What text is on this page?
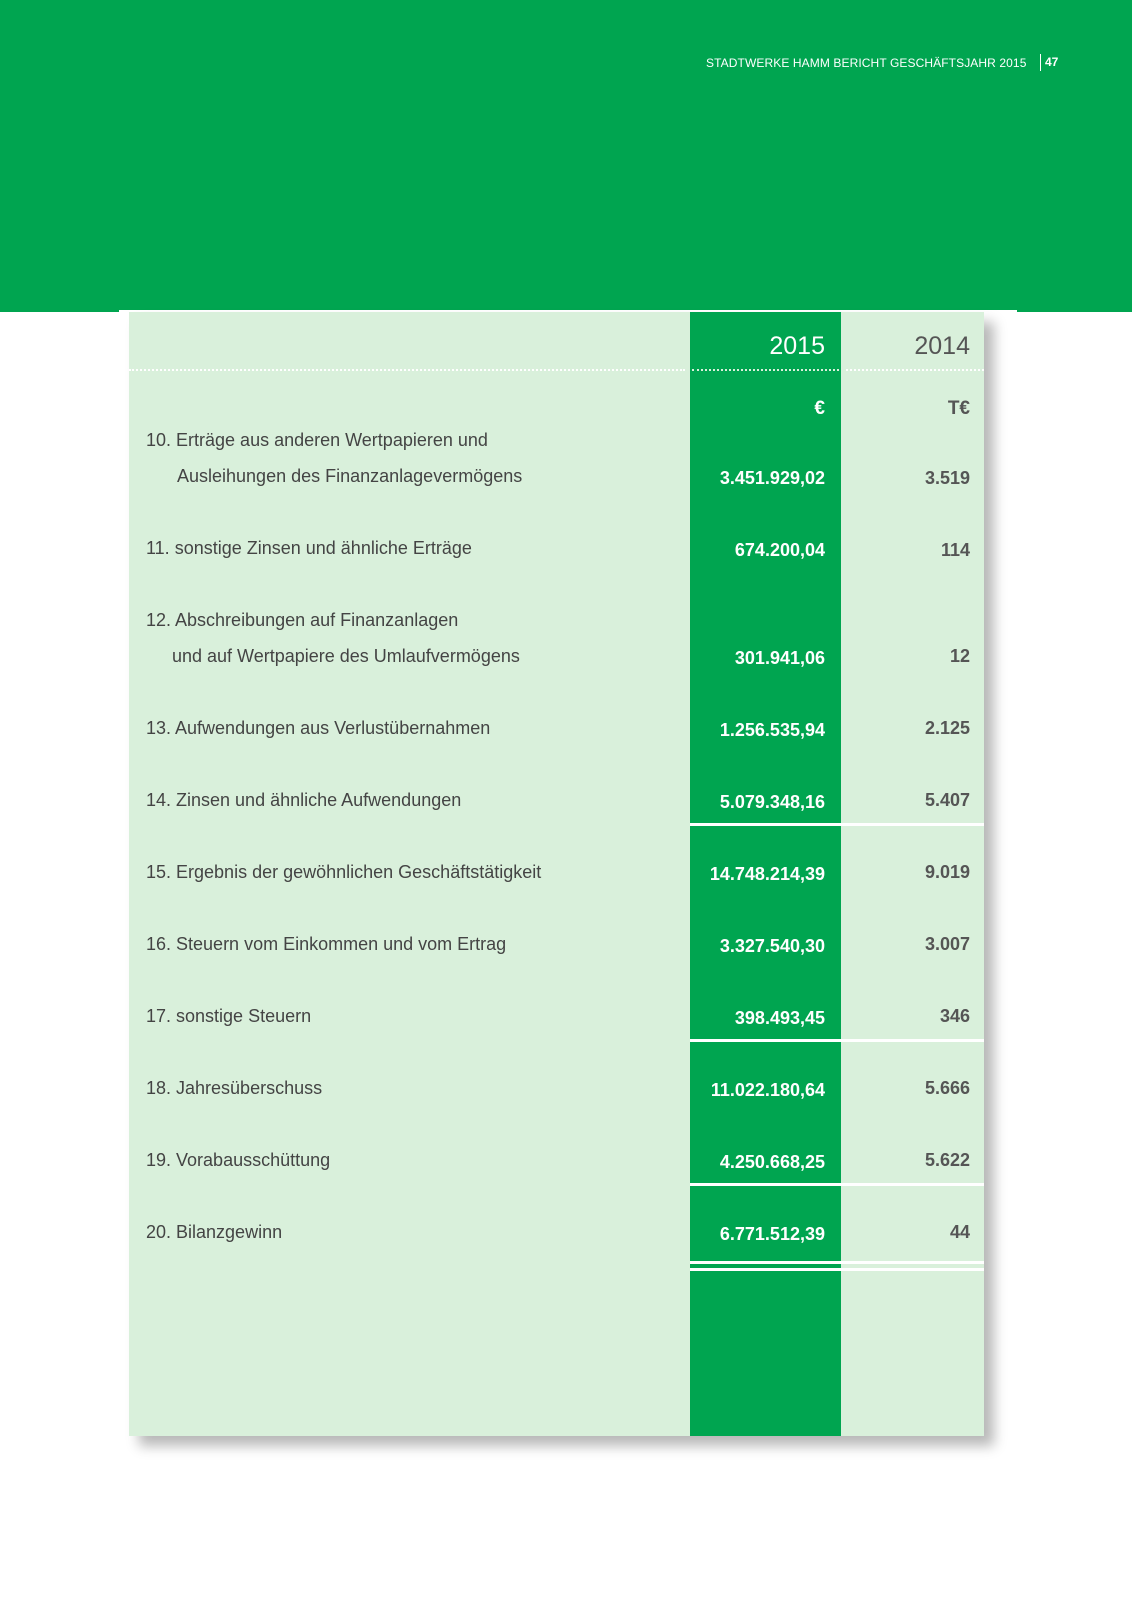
STADTWERKE HAMM BERICHT GESCHÄFTSJAHR 2015	47
2015	2014
€	T€
10. Erträge aus anderen Wertpapieren und
Ausleihungen des Finanzanlagevermögens	3.451.929,02	3.519
11. sonstige Zinsen und ähnliche Erträge	674.200,04	114
12. Abschreibungen auf Finanzanlagen
und auf Wertpapiere des Umlaufvermögens	301.941,06	12
13. Aufwendungen aus Verlustübernahmen	1.256.535,94	2.125
14. Zinsen und ähnliche Aufwendungen	5.079.348,16	5.407
15. Ergebnis der gewöhnlichen Geschäftstätigkeit	14.748.214,39	9.019
16. Steuern vom Einkommen und vom Ertrag	3.327.540,30	3.007
17. sonstige Steuern	398.493,45	346
18. Jahresüberschuss	11.022.180,64	5.666
19. Vorabausschüttung	4.250.668,25	5.622
20. Bilanzgewinn	6.771.512,39	44
